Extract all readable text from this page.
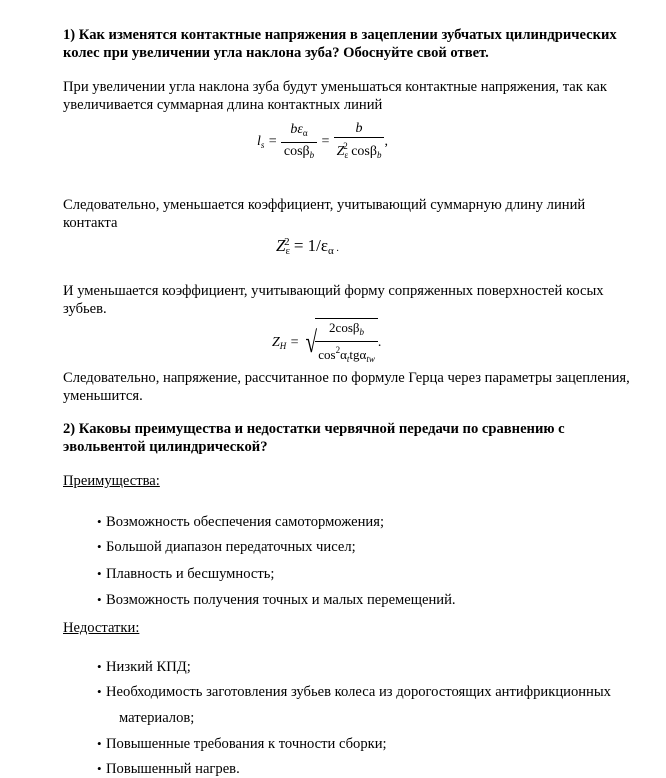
1) Как изменятся контактные напряжения в зацеплении зубчатых цилиндрических колес при увеличении угла наклона зуба? Обоснуйте свой ответ.
При увеличении угла наклона зуба будут уменьшаться контактные напряжения, так как увеличивается суммарная длина контактных линий
$l_s = \frac{b\varepsilon_\alpha}{\cos\beta_b} = \frac{b}{Z_\varepsilon^2 \cos\beta_b}$ ,
Следовательно, уменьшается коэффициент, учитывающий суммарную длину линий контакта
$Z_\varepsilon^2 = 1/\varepsilon_\alpha$ .
И уменьшается коэффициент, учитывающий форму сопряженных поверхностей косых зубьев.
$Z_H$ = √
$\frac{2\cos\beta_b}{\cos^2\alpha_ttg\alpha_{tw}}$ .
Следовательно, напряжение, рассчитанное по формуле Герца через параметры зацепления, уменьшится.
2) Каковы преимущества и недостатки червячной передачи по сравнению с эвольвентой цилиндрической?
Преимущества:
• Возможность обеспечения самоторможения;
• Большой диапазон передаточных чисел;
• Плавность и бесшумность;
• Возможность получения точных и малых перемещений.
Недостатки:
• Низкий КПД;
• Необходимость заготовления зубьев колеса из дорогостоящих антифрикционных
материалов;
• Повышенные требования к точности сборки;
• Повышенный нагрев.
